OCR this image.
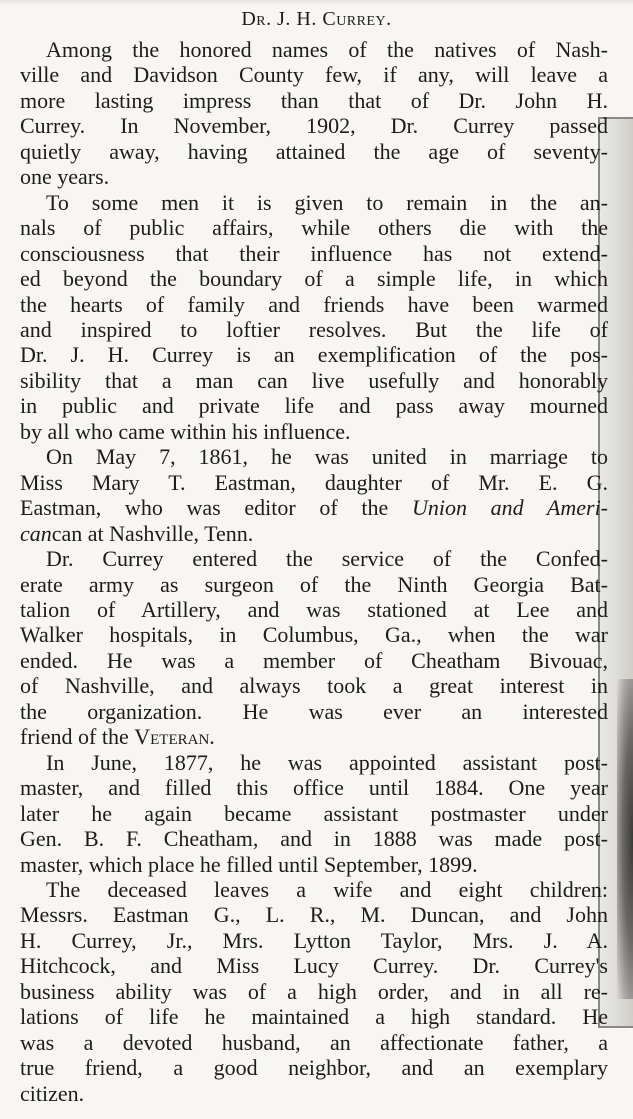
Dr. J. H. Currey.
Among the honored names of the natives of Nash-
ville and Davidson County few, if any, will leave a
more lasting impress than that of Dr. John H.
Currey. In November, 1902, Dr. Currey passed
quietly away, having attained the age of seventy-
one years.
To some men it is given to remain in the an-
nals of public affairs, while others die with the
consciousness that their influence has not extend-
ed beyond the boundary of a simple life, in which
the hearts of family and friends have been warmed
and inspired to loftier resolves. But the life of
Dr. J. H. Currey is an exemplification of the pos-
sibility that a man can live usefully and honorably
in public and private life and pass away mourned
by all who came within his influence.
On May 7, 1861, he was united in marriage to
Miss Mary T. Eastman, daughter of Mr. E. G.
Eastman, who was editor of the Union and Ameri-
cancan at Nashville, Tenn.
Dr. Currey entered the service of the Confed-
erate army as surgeon of the Ninth Georgia Bat-
talion of Artillery, and was stationed at Lee and
Walker hospitals, in Columbus, Ga., when the war
ended. He was a member of Cheatham Bivouac,
of Nashville, and always took a great interest in
the organization. He was ever an interested
friend of the Veteran.
In June, 1877, he was appointed assistant post-
master, and filled this office until 1884. One year
later he again became assistant postmaster under
Gen. B. F. Cheatham, and in 1888 was made post-
master, which place he filled until September, 1899.
The deceased leaves a wife and eight children:
Messrs. Eastman G., L. R., M. Duncan, and John
H. Currey, Jr., Mrs. Lytton Taylor, Mrs. J. A.
Hitchcock, and Miss Lucy Currey. Dr. Currey's
business ability was of a high order, and in all re-
lations of life he maintained a high standard. He
was a devoted husband, an affectionate father, a
true friend, a good neighbor, and an exemplary
citizen.
